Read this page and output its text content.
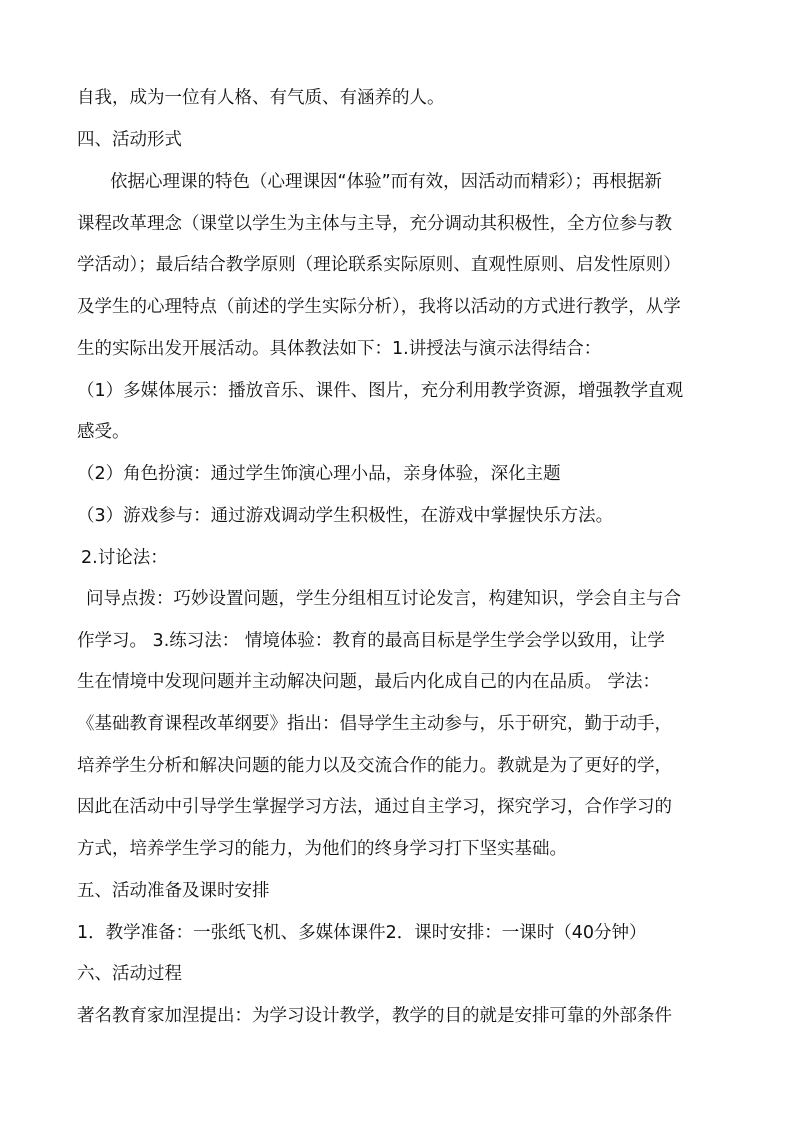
自我，成为一位有人格、有气质、有涵养的人。
四、活动形式
依据心理课的特色（心理课因“体验”而有效，因活动而精彩）；再根据新
课程改革理念（课堂以学生为主体与主导，充分调动其积极性，全方位参与教
学活动）；最后结合教学原则（理论联系实际原则、直观性原则、启发性原则）
及学生的心理特点（前述的学生实际分析），我将以活动的方式进行教学，从学
生的实际出发开展活动。具体教法如下：1.讲授法与演示法得结合：
（1）多媒体展示：播放音乐、课件、图片，充分利用教学资源，增强教学直观
感受。
（2）角色扮演：通过学生饰演心理小品，亲身体验，深化主题
（3）游戏参与：通过游戏调动学生积极性，在游戏中掌握快乐方法。
2.讨论法：
问导点拨：巧妙设置问题，学生分组相互讨论发言，构建知识，学会自主与合
作学习。 3.练习法： 情境体验：教育的最高目标是学生学会学以致用，让学
生在情境中发现问题并主动解决问题，最后内化成自己的内在品质。 学法：
《基础教育课程改革纲要》指出：倡导学生主动参与，乐于研究，勤于动手，
培养学生分析和解决问题的能力以及交流合作的能力。教就是为了更好的学，
因此在活动中引导学生掌握学习方法，通过自主学习，探究学习，合作学习的
方式，培养学生学习的能力，为他们的终身学习打下坚实基础。
五、活动准备及课时安排
1．教学准备：一张纸飞机、多媒体课件2．课时安排：一课时（40分钟）
六、活动过程
著名教育家加涅提出：为学习设计教学，教学的目的就是安排可靠的外部条件
